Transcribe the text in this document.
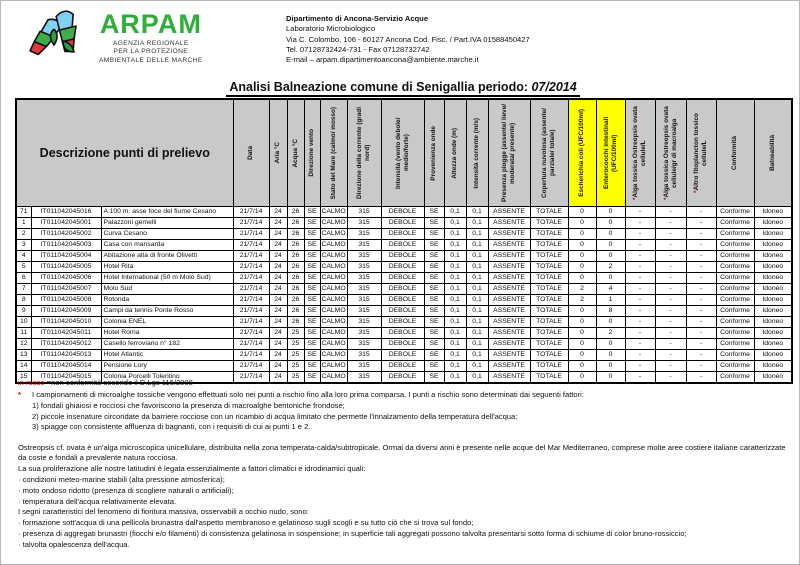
ARPAM
AGENZIA REGIONALE
PER LA PROTEZIONE
AMBIENTALE DELLE MARCHE
Dipartimento di Ancona-Servizio Acque
Laboratorio Microbiologico
Via C. Colombo, 106 - 60127 Ancona Cod. Fisc. / Part.IVA 01588450427
Tel. 07128732424-731 - Fax 07128732742
E-mail – arpam.dipartimentoancona@ambiente.marche.it
Analisi Balneazione comune di Senigallia periodo: 07/2014
Descrizione punti di prelievo			Data	Aria °C	Acqua °C	Direzione vento	Stato del Mare (calmo/ mosso)	Direzione della corrente (gradi nord)	Intensità (vento debole/ medio/forte)	Provenienza onde	Altezza onde (m)	Intensità corrente (m/s)	Presenza piogge (assente/ lieve/ moderata/ presente)	Copertura nuvolosa (assente/ parziale/ totale)	Escherichia coli (UFC/100ml)	Enterococchi intestinali (UFC/100ml)	*Alga tossica Ostreopsis ovata cellule/L	*Alga tossica Ostreopsis ovata cellule/gr di macroalga	*Altro fitoplancton tossico cellule/L	Conformità	Balneabilità

71	IT011042045016	A 100 m. asse foce del fiume Cesano	21/7/14	24	26	SE	CALMO	315	DEBOLE	SE	0,1	0,1	ASSENTE	TOTALE	0	0	-	-	-	Conforme	Idoneo
1	IT011042045001	Palazzoni gemelli	21/7/14	24	26	SE	CALMO	315	DEBOLE	SE	0,1	0,1	ASSENTE	TOTALE	0	0	-	-	-	Conforme	Idoneo
2	IT011042045002	Curva Cesano	21/7/14	24	26	SE	CALMO	315	DEBOLE	SE	0,1	0,1	ASSENTE	TOTALE	0	0	-	-	-	Conforme	Idoneo
3	IT011042045003	Casa con mansarda	21/7/14	24	26	SE	CALMO	315	DEBOLE	SE	0,1	0,1	ASSENTE	TOTALE	0	0	-	-	-	Conforme	Idoneo
4	IT011042045004	Abitazione alta di fronte Olivetti	21/7/14	24	26	SE	CALMO	315	DEBOLE	SE	0,1	0,1	ASSENTE	TOTALE	0	0	-	-	-	Conforme	Idoneo
5	IT011042045005	Hotel Rita	21/7/14	24	26	SE	CALMO	315	DEBOLE	SE	0,1	0,1	ASSENTE	TOTALE	0	2	-	-	-	Conforme	Idoneo
6	IT011042045006	Hotel International (50 m Molo Sud)	21/7/14	24	26	SE	CALMO	315	DEBOLE	SE	0,1	0,1	ASSENTE	TOTALE	0	0	-	-	-	Conforme	Idoneo
7	IT011042045007	Molo Sud	21/7/14	24	26	SE	CALMO	315	DEBOLE	SE	0,1	0,1	ASSENTE	TOTALE	2	4	-	-	-	Conforme	Idoneo
8	IT011042045008	Rotonda	21/7/14	24	26	SE	CALMO	315	DEBOLE	SE	0,1	0,1	ASSENTE	TOTALE	2	1	-	-	-	Conforme	Idoneo
9	IT011042045009	Campi da tennis Ponte Rosso	21/7/14	24	26	SE	CALMO	315	DEBOLE	SE	0,1	0,1	ASSENTE	TOTALE	0	8	-	-	-	Conforme	Idoneo
10	IT011042045010	Colonia ENEL	21/7/14	24	26	SE	CALMO	315	DEBOLE	SE	0,1	0,1	ASSENTE	TOTALE	0	0	-	-	-	Conforme	Idoneo
11	IT011042045011	Hotel Roma	21/7/14	24	25	SE	CALMO	315	DEBOLE	SE	0,1	0,1	ASSENTE	TOTALE	0	2	-	-	-	Conforme	Idoneo
12	IT011042045012	Casello ferroviario n° 182	21/7/14	24	25	SE	CALMO	315	DEBOLE	SE	0,1	0,1	ASSENTE	TOTALE	0	0	-	-	-	Conforme	Idoneo
13	IT011042045013	Hotel Atlantic	21/7/14	24	25	SE	CALMO	315	DEBOLE	SE	0,1	0,1	ASSENTE	TOTALE	0	0	-	-	-	Conforme	Idoneo
14	IT011042045014	Pensione Lory	21/7/14	24	25	SE	CALMO	315	DEBOLE	SE	0,1	0,1	ASSENTE	TOTALE	0	0	-	-	-	Conforme	Idoneo
15	IT011042045015	Colonia Porcelli Tolentino	21/7/14	24	25	SE	CALMO	315	DEBOLE	SE	0,1	0,1	ASSENTE	TOTALE	0	0	-	-	-	Conforme	Idoneo
in rosso =non conformità secondo il D.Lgs 116/2008
*	I campionamenti di microalghe tossiche vengono effettuati solo nei punti a rischio fino alla loro prima comparsa. I punti a rischio sono determinati dai seguenti fattori:
1) fondali ghiaiosi e rocciosi che favoriscono la presenza di macroalghe bentoniche frondose;
2) piccole insenature circondate da barriere rocciose con un ricambio di acqua limitato che permette l'innalzamento della temperatura dell'acqua;
3) spiagge con consistente affluenza di bagnanti, con i requisiti di cui ai punti 1 e 2.
Ostreopsis cf. ovata è un'alga microscopica unicellulare, distribuita nella zona temperata-calda/subtropicale. Ormai da diversi anni è presente nelle acque del Mar Mediterraneo, comprese molte aree costiere italiane caratterizzate da coste e fondali a prevalente natura rocciosa.
La sua proliferazione alle nostre latitudini è legata essenzialmente a fattori climatici e idrodinamici quali:
· condizioni meteo-marine stabili (alta pressione atmosferica);
· moto ondoso ridotto (presenza di scogliere naturali o artificiali);
· temperatura dell'acqua relativamente elevata.
I segni caratteristici del fenomeno di fioritura massiva, osservabili a occhio nudo, sono:
· formazione sott'acqua di una pellicola brunastra dall'aspetto membranoso e gelatinoso sugli scogli e su tutto ciò che si trova sul fondo;
· presenza di aggregati brunastri (fiocchi e/o filamenti) di consistenza gelatinosa in sospensione; in superficie tali aggregati possono talvolta presentarsi sotto forma di schiume di color bruno-rossiccio;
· talvolta opalescenza dell'acqua.
